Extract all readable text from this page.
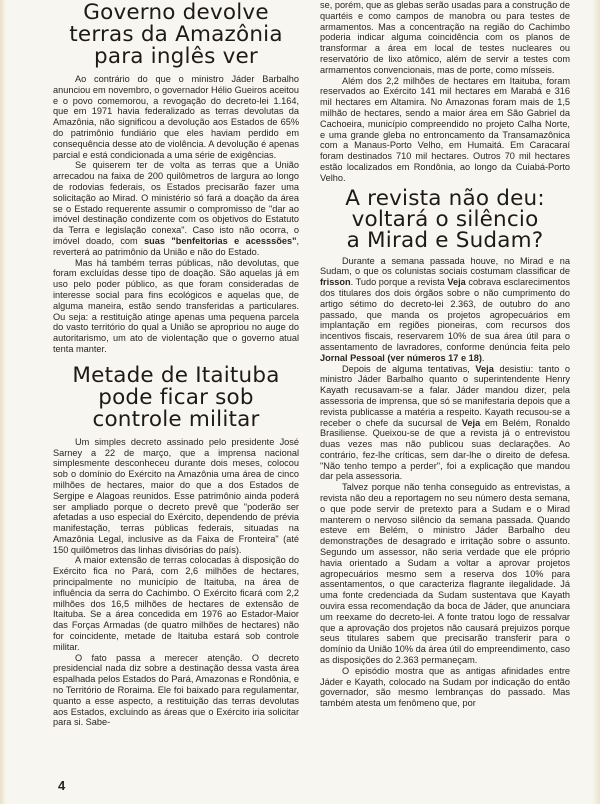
Governo devolve
terras da Amazônia
para inglês ver

Ao contrário do que o ministro Jáder Barbalho anunciou em novembro, o governador Hélio Gueiros aceitou e o povo comemorou, a revogação do decreto-lei 1.164, que em 1971 havia federalizado as terras devolutas da Amazônia, não significou a devolução aos Estados de 65% do patrimônio fundiário que eles haviam perdido em consequência desse ato de violência. A devolução é apenas parcial e está condicionada a uma série de exigências.

Se quiserem ter de volta as terras que a União arrecadou na faixa de 200 quilômetros de largura ao longo de rodovias federais, os Estados precisarão fazer uma solicitação ao Mirad. O ministério só fará a doação da área se o Estado requerente assumir o compromisso de "dar ao imóvel destinação condizente com os objetivos do Estatuto da Terra e legislação conexa". Caso isto não ocorra, o imóvel doado, com suas "benfeitorias e acesssões", reverterá ao patrimônio da União e não do Estado.

Mas há também terras públicas, não devolutas, que foram excluídas desse tipo de doação. São aquelas já em uso pelo poder público, as que foram consideradas de interesse social para fins ecológicos e aquelas que, de alguma maneira, estão sendo transferidas a particulares. Ou seja: a restituição atinge apenas uma pequena parcela do vasto território do qual a União se apropriou no auge do autoritarismo, um ato de violentação que o governo atual tenta manter.

Metade de Itaituba
pode ficar sob
controle militar

Um simples decreto assinado pelo presidente José Sarney a 22 de março, que a imprensa nacional simplesmente desconheceu durante dois meses, colocou sob o domínio do Exército na Amazônia uma área de cinco milhões de hectares, maior do que a dos Estados de Sergipe e Alagoas reunidos. Esse patrimônio ainda poderá ser ampliado porque o decreto prevê que "poderão ser afetadas a uso especial do Exército, dependendo de prévia manifestação, terras públicas federais, situadas na Amazônia Legal, inclusive as da Faixa de Fronteira" (até 150 quilômetros das linhas divisórias do país).

A maior extensão de terras colocadas à disposição do Exército fica no Pará, com 2,6 milhões de hectares, principalmente no município de Itaituba, na área de influência da serra do Cachimbo. O Exército ficará com 2,2 milhões dos 16,5 milhões de hectares de extensão de Itaituba. Se a área concedida em 1976 ao Estador-Maior das Forças Armadas (de quatro milhões de hectares) não for coincidente, metade de Itaituba estará sob controle militar.

O fato passa a merecer atenção. O decreto presidencial nada diz sobre a destinação dessa vasta área espalhada pelos Estados do Pará, Amazonas e Rondônia, e no Território de Roraima. Ele foi baixado para regulamentar, quanto a esse aspecto, a restituição das terras devolutas aos Estados, excluindo as áreas que o Exército iria solicitar para si. Sabe-

se, porém, que as glebas serão usadas para a construção de quartéis e como campos de manobra ou para testes de armamentos. Mas a concentração na região do Cachimbo poderia indicar alguma coincidência com os planos de transformar a área em local de testes nucleares ou reservatório de lixo atômico, além de servir a testes com armamentos convencionais, mas de porte, como mísseis.

Além dos 2,2 milhões de hectares em Itaituba, foram reservados ao Exército 141 mil hectares em Marabá e 316 mil hectares em Altamira. No Amazonas foram mais de 1,5 milhão de hectares, sendo a maior área em São Gabriel da Cachoeira, município compreendido no projeto Calha Norte, e uma grande gleba no entroncamento da Transamazônica com a Manaus-Porto Velho, em Humaitá. Em Caracaraí foram destinados 710 mil hectares. Outros 70 mil hectares estão localizados em Rondônia, ao longo da Cuiabá-Porto Velho.

A revista não deu:
voltará o silêncio
a Mirad e Sudam?

Durante a semana passada houve, no Mirad e na Sudam, o que os colunistas sociais costumam classificar de frisson. Tudo porque a revista Veja cobrava esclarecimentos dos titulares dos dois órgãos sobre o não cumprimento do artigo sétimo do decreto-lei 2.363, de outubro do ano passado, que manda os projetos agropecuários em implantação em regiões pioneiras, com recursos dos incentivos fiscais, reservarem 10% de sua área útil para o assentamento de lavradores, conforme denúncia feita pelo Jornal Pessoal (ver números 17 e 18).

Depois de alguma tentativas, Veja desistiu: tanto o ministro Jáder Barbalho quanto o superintendente Henry Kayath recusavam-se a falar. Jáder mandou dizer, pela assessoria de imprensa, que só se manifestaria depois que a revista publicasse a matéria a respeito. Kayath recusou-se a receber o chefe da sucursal de Veja em Belém, Ronaldo Brasiliense. Queixou-se de que a revista já o entrevistou duas vezes mas não publicou suas declarações. Ao contrário, fez-lhe críticas, sem dar-lhe o direito de defesa. "Não tenho tempo a perder", foi a explicação que mandou dar pela assessoria.

Talvez porque não tenha conseguido as entrevistas, a revista não deu a reportagem no seu número desta semana, o que pode servir de pretexto para a Sudam e o Mirad manterem o nervoso silêncio da semana passada. Quando esteve em Belém, o ministro Jáder Barbalho deu demonstrações de desagrado e irritação sobre o assunto. Segundo um assessor, não seria verdade que ele próprio havia orientado a Sudam a voltar a aprovar projetos agropecuários mesmo sem a reserva dos 10% para assentamentos, o que caracteriza flagrante ilegalidade. Já uma fonte credenciada da Sudam sustentava que Kayath ouvira essa recomendação da boca de Jáder, que anunciara um reexame do decreto-lei. A fonte tratou logo de ressalvar que a aprovação dos projetos não causará prejuizos porque seus titulares sabem que precisarão transferir para o domínio da União 10% da área útil do empreendimento, caso as disposições do 2.363 permaneçam.

O episódio mostra que as antigas afinidades entre Jáder e Kayath, colocado na Sudam por indicação do então governador, são mesmo lembranças do passado. Mas também atesta um fenômeno que, por

4
